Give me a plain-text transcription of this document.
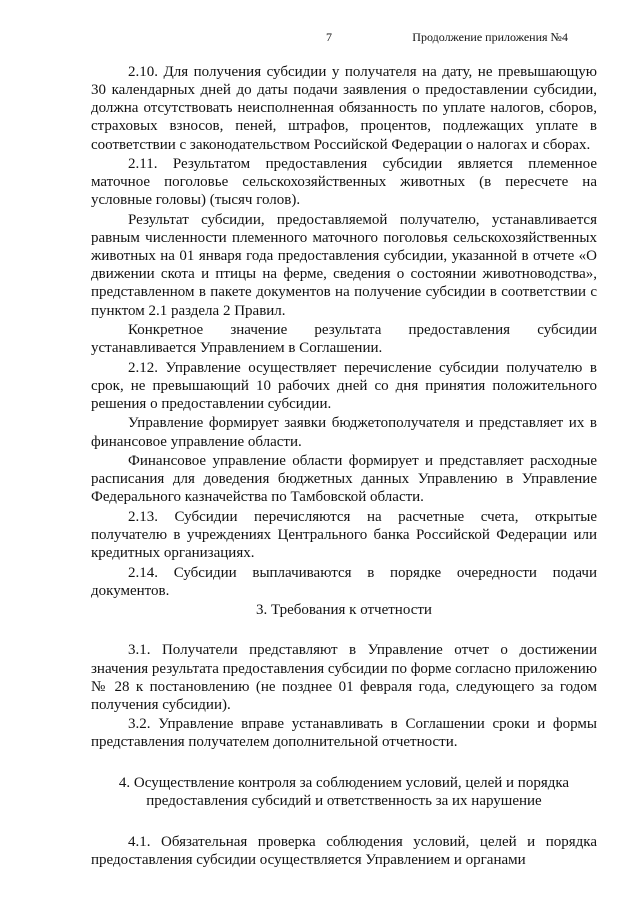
7	Продолжение приложения №4

2.10. Для получения субсидии у получателя на дату, не превышающую 30 календарных дней до даты подачи заявления о предоставлении субсидии, должна отсутствовать неисполненная обязанность по уплате налогов, сборов, страховых взносов, пеней, штрафов, процентов, подлежащих уплате в соответствии с законодательством Российской Федерации о налогах и сборах.

2.11. Результатом предоставления субсидии является племенное маточное поголовье сельскохозяйственных животных (в пересчете на условные головы) (тысяч голов).

Результат субсидии, предоставляемой получателю, устанавливается равным численности племенного маточного поголовья сельскохозяйственных животных на 01 января года предоставления субсидии, указанной в отчете «О движении скота и птицы на ферме, сведения о состоянии животноводства», представленном в пакете документов на получение субсидии в соответствии с пунктом 2.1 раздела 2 Правил.

Конкретное значение результата предоставления субсидии устанавливается Управлением в Соглашении.

2.12. Управление осуществляет перечисление субсидии получателю в срок, не превышающий 10 рабочих дней со дня принятия положительного решения о предоставлении субсидии.

Управление формирует заявки бюджетополучателя и представляет их в финансовое управление области.

Финансовое управление области формирует и представляет расходные расписания для доведения бюджетных данных Управлению в Управление Федерального казначейства по Тамбовской области.

2.13. Субсидии перечисляются на расчетные счета, открытые получателю в учреждениях Центрального банка Российской Федерации или кредитных организациях.

2.14. Субсидии выплачиваются в порядке очередности подачи документов.

3. Требования к отчетности

3.1. Получатели представляют в Управление отчет о достижении значения результата предоставления субсидии по форме согласно приложению № 28 к постановлению (не позднее 01 февраля года, следующего за годом получения субсидии).

3.2. Управление вправе устанавливать в Соглашении сроки и формы представления получателем дополнительной отчетности.

4. Осуществление контроля за соблюдением условий, целей и порядка
предоставления субсидий и ответственность за их нарушение

4.1. Обязательная проверка соблюдения условий, целей и порядка предоставления субсидии осуществляется Управлением и органами
